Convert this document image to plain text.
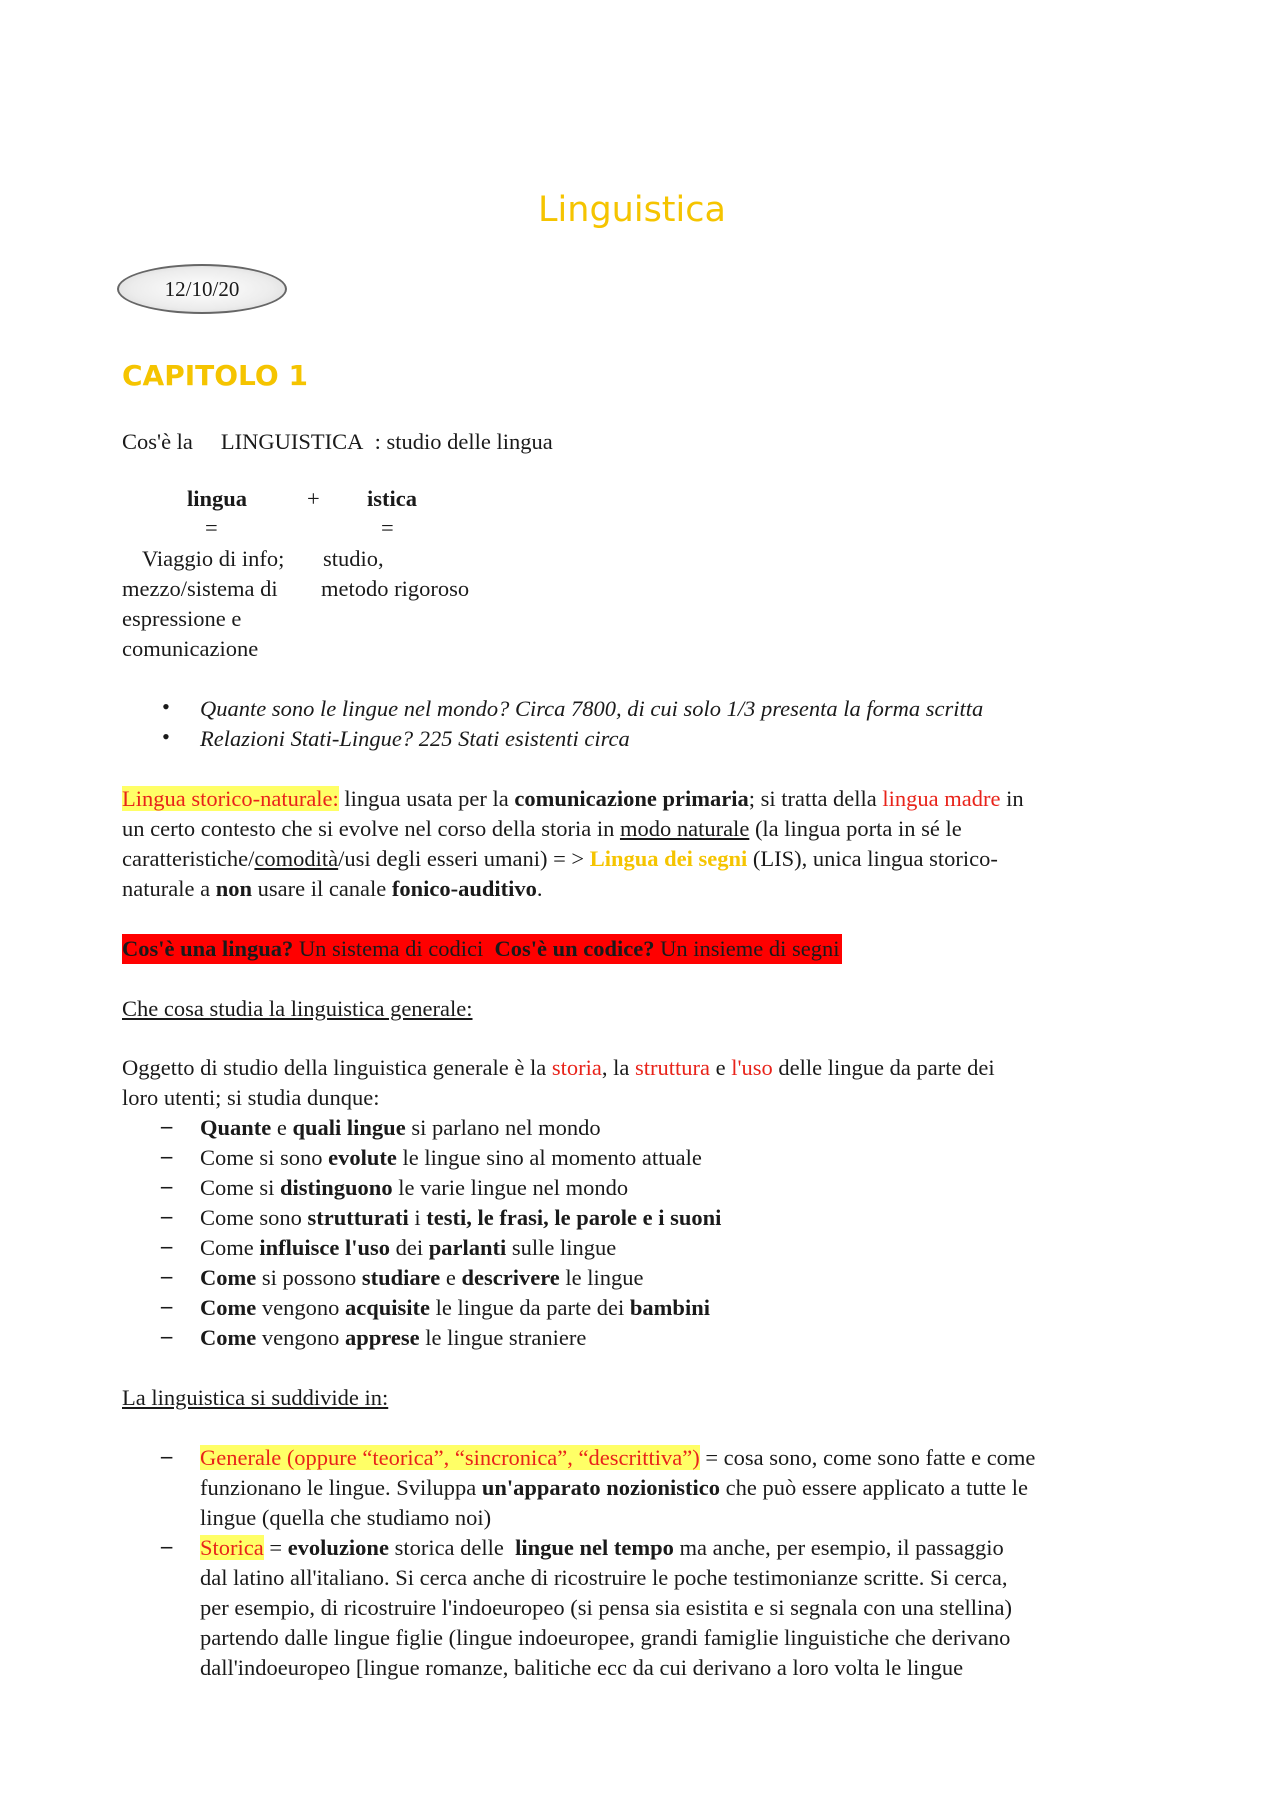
Linguistica
12/10/20
CAPITOLO 1
Cos'è la LINGUISTICA : studio delle lingua
lingua	+ istica
=	=
Viaggio di info;
mezzo/sistema di
espressione e
comunicazione
studio,
metodo rigoroso
• Quante sono le lingue nel mondo? Circa 7800, di cui solo 1/3 presenta la forma scritta
• Relazioni Stati-Lingue? 225 Stati esistenti circa
Lingua storico-naturale: lingua usata per la comunicazione primaria; si tratta della lingua madre in
un certo contesto che si evolve nel corso della storia in modo naturale (la lingua porta in sé le
caratteristiche/comodità/usi degli esseri umani) = > Lingua dei segni (LIS), unica lingua storico-
naturale a non usare il canale fonico-auditivo.
Cos'è una lingua? Un sistema di codici Cos'è un codice? Un insieme di segni
Che cosa studia la linguistica generale:
Oggetto di studio della linguistica generale è la storia, la struttura e l'uso delle lingue da parte dei
loro utenti; si studia dunque:
– Quante e quali lingue si parlano nel mondo
– Come si sono evolute le lingue sino al momento attuale
– Come si distinguono le varie lingue nel mondo
– Come sono strutturati i testi, le frasi, le parole e i suoni
– Come influisce l'uso dei parlanti sulle lingue
– Come si possono studiare e descrivere le lingue
– Come vengono acquisite le lingue da parte dei bambini
– Come vengono apprese le lingue straniere
La linguistica si suddivide in:
– Generale (oppure “teorica”, “sincronica”, “descrittiva”) = cosa sono, come sono fatte e come
funzionano le lingue. Sviluppa un'apparato nozionistico che può essere applicato a tutte le
lingue (quella che studiamo noi)
– Storica = evoluzione storica delle lingue nel tempo ma anche, per esempio, il passaggio
dal latino all'italiano. Si cerca anche di ricostruire le poche testimonianze scritte. Si cerca,
per esempio, di ricostruire l'indoeuropeo (si pensa sia esistita e si segnala con una stellina)
partendo dalle lingue figlie (lingue indoeuropee, grandi famiglie linguistiche che derivano
dall'indoeuropeo [lingue romanze, balitiche ecc da cui derivano a loro volta le lingue
